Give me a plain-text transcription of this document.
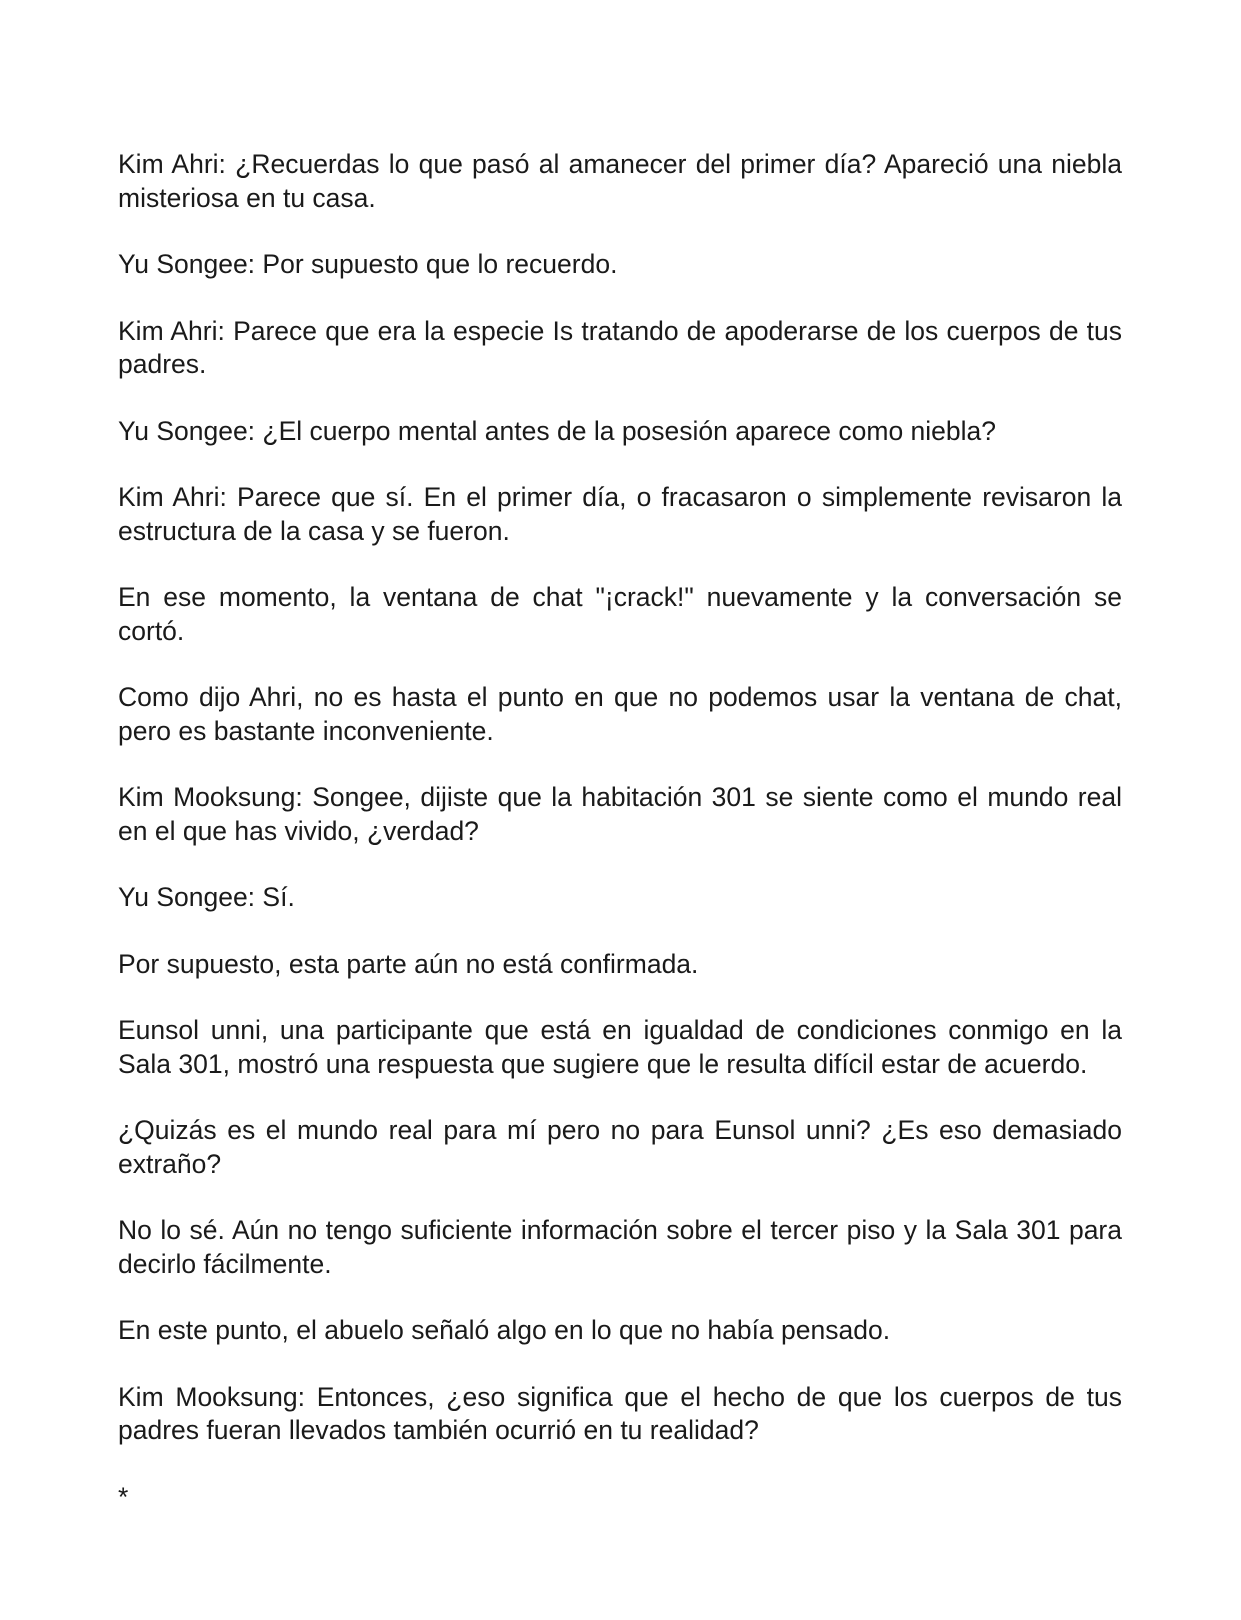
Kim Ahri: ¿Recuerdas lo que pasó al amanecer del primer día? Apareció una niebla misteriosa en tu casa.

Yu Songee: Por supuesto que lo recuerdo.

Kim Ahri: Parece que era la especie Is tratando de apoderarse de los cuerpos de tus padres.

Yu Songee: ¿El cuerpo mental antes de la posesión aparece como niebla?

Kim Ahri: Parece que sí. En el primer día, o fracasaron o simplemente revisaron la estructura de la casa y se fueron.

En ese momento, la ventana de chat "¡crack!" nuevamente y la conversación se cortó.

Como dijo Ahri, no es hasta el punto en que no podemos usar la ventana de chat, pero es bastante inconveniente.

Kim Mooksung: Songee, dijiste que la habitación 301 se siente como el mundo real en el que has vivido, ¿verdad?

Yu Songee: Sí.

Por supuesto, esta parte aún no está confirmada.

Eunsol unni, una participante que está en igualdad de condiciones conmigo en la Sala 301, mostró una respuesta que sugiere que le resulta difícil estar de acuerdo.

¿Quizás es el mundo real para mí pero no para Eunsol unni? ¿Es eso demasiado extraño?

No lo sé. Aún no tengo suficiente información sobre el tercer piso y la Sala 301 para decirlo fácilmente.

En este punto, el abuelo señaló algo en lo que no había pensado.

Kim Mooksung: Entonces, ¿eso significa que el hecho de que los cuerpos de tus padres fueran llevados también ocurrió en tu realidad?

*
